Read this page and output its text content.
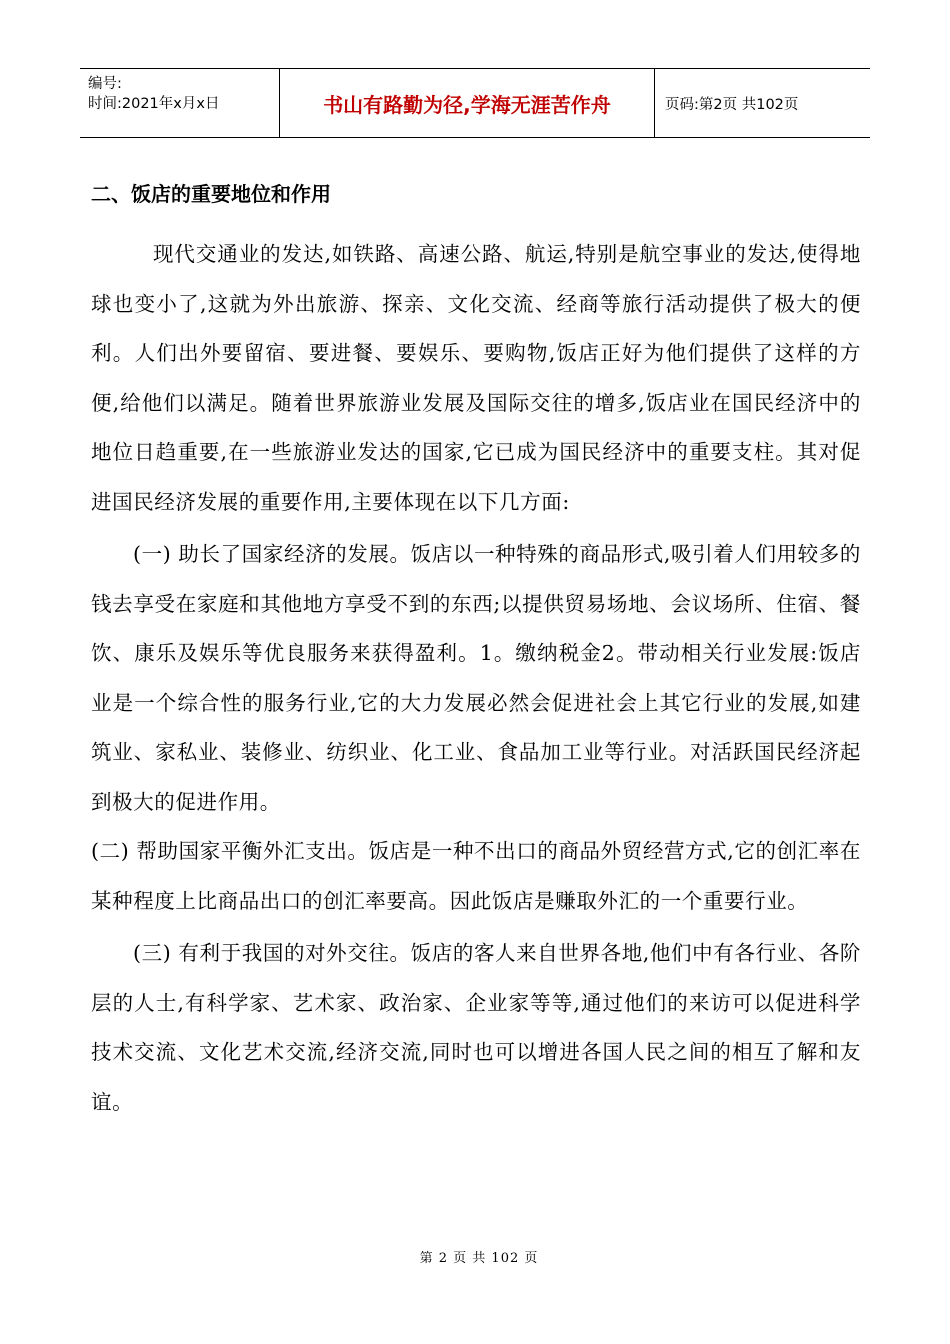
编号:
时间:2021年x月x日	书山有路勤为径,学海无涯苦作舟	页码:第2页 共102页
二、饭店的重要地位和作用

现代交通业的发达,如铁路、高速公路、航运,特别是航空事业的发达,使得地球也变小了,这就为外出旅游、探亲、文化交流、经商等旅行活动提供了极大的便利。人们出外要留宿、要进餐、要娱乐、要购物,饭店正好为他们提供了这样的方便,给他们以满足。随着世界旅游业发展及国际交往的增多,饭店业在国民经济中的地位日趋重要,在一些旅游业发达的国家,它已成为国民经济中的重要支柱。其对促进国民经济发展的重要作用,主要体现在以下几方面:

(一) 助长了国家经济的发展。饭店以一种特殊的商品形式,吸引着人们用较多的钱去享受在家庭和其他地方享受不到的东西;以提供贸易场地、会议场所、住宿、餐饮、康乐及娱乐等优良服务来获得盈利。1。缴纳税金2。带动相关行业发展:饭店业是一个综合性的服务行业,它的大力发展必然会促进社会上其它行业的发展,如建筑业、家私业、装修业、纺织业、化工业、食品加工业等行业。对活跃国民经济起到极大的促进作用。

(二) 帮助国家平衡外汇支出。饭店是一种不出口的商品外贸经营方式,它的创汇率在某种程度上比商品出口的创汇率要高。因此饭店是赚取外汇的一个重要行业。

(三) 有利于我国的对外交往。饭店的客人来自世界各地,他们中有各行业、各阶层的人士,有科学家、艺术家、政治家、企业家等等,通过他们的来访可以促进科学技术交流、文化艺术交流,经济交流,同时也可以增进各国人民之间的相互了解和友谊。

第 2 页 共 102 页
